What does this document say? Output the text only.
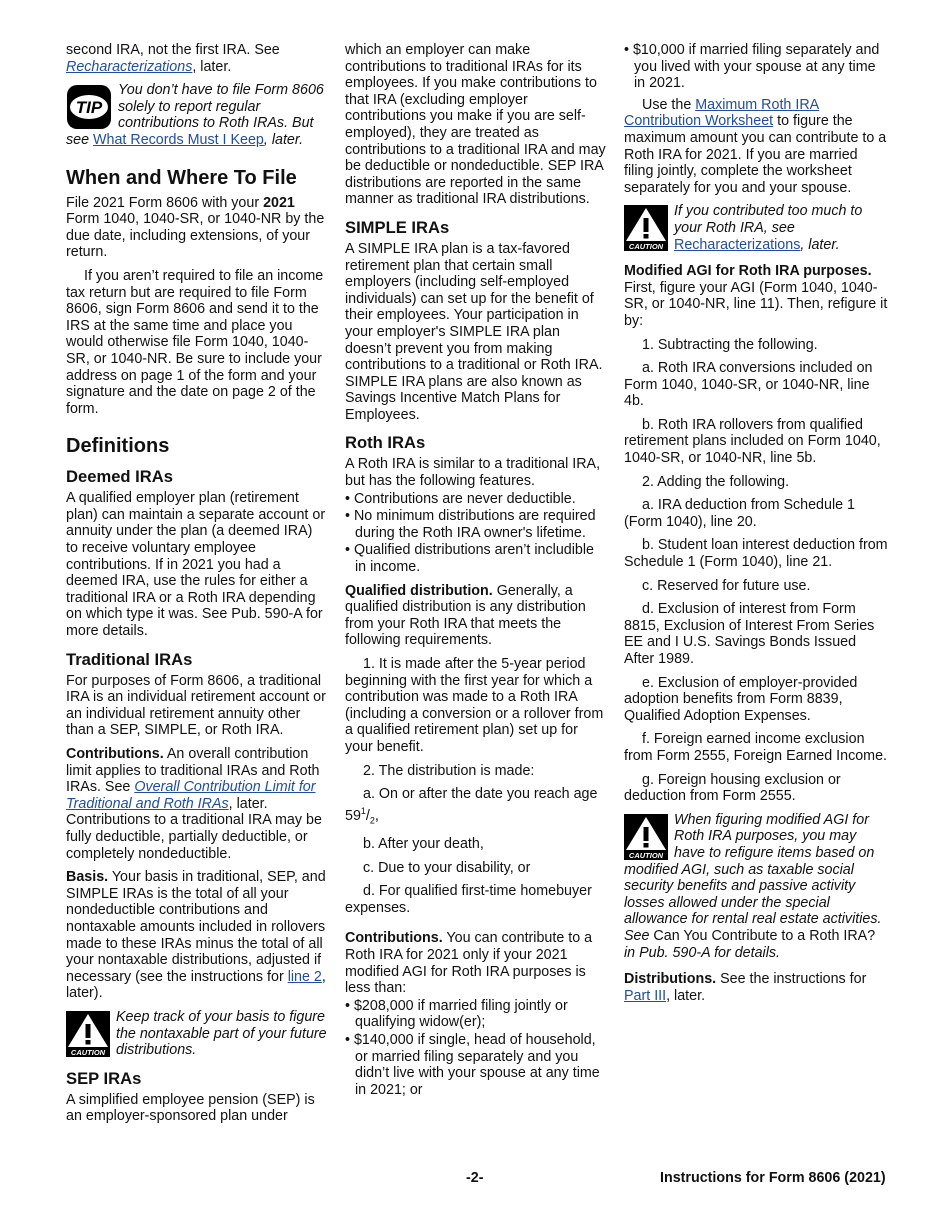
second IRA, not the first IRA. See Recharacterizations, later.

TIP
You don’t have to file Form 8606 solely to report regular contributions to Roth IRAs. But see What Records Must I Keep, later.
When and Where To File

File 2021 Form 8606 with your 2021 Form 1040, 1040-SR, or 1040-NR by the due date, including extensions, of your return.

If you aren’t required to file an income tax return but are required to file Form 8606, sign Form 8606 and send it to the IRS at the same time and place you would otherwise file Form 1040, 1040-SR, or 1040-NR. Be sure to include your address on page 1 of the form and your signature and the date on page 2 of the form.

Definitions
Deemed IRAs

A qualified employer plan (retirement plan) can maintain a separate account or annuity under the plan (a deemed IRA) to receive voluntary employee contributions. If in 2021 you had a deemed IRA, use the rules for either a traditional IRA or a Roth IRA depending on which type it was. See Pub. 590-A for more details.

Traditional IRAs

For purposes of Form 8606, a traditional IRA is an individual retirement account or an individual retirement annuity other than a SEP, SIMPLE, or Roth IRA.

Contributions. An overall contribution limit applies to traditional IRAs and Roth IRAs. See Overall Contribution Limit for Traditional and Roth IRAs, later. Contributions to a traditional IRA may be fully deductible, partially deductible, or completely nondeductible.

Basis. Your basis in traditional, SEP, and SIMPLE IRAs is the total of all your nondeductible contributions and nontaxable amounts included in rollovers made to these IRAs minus the total of all your nontaxable distributions, adjusted if necessary (see the instructions for line 2, later).

CAUTION
Keep track of your basis to figure the nontaxable part of your future distributions.
SEP IRAs

A simplified employee pension (SEP) is an employer-sponsored plan under

which an employer can make contributions to traditional IRAs for its employees. If you make contributions to that IRA (excluding employer contributions you make if you are self-employed), they are treated as contributions to a traditional IRA and may be deductible or nondeductible. SEP IRA distributions are reported in the same manner as traditional IRA distributions.

SIMPLE IRAs

A SIMPLE IRA plan is a tax-favored retirement plan that certain small employers (including self-employed individuals) can set up for the benefit of their employees. Your participation in your employer's SIMPLE IRA plan doesn’t prevent you from making contributions to a traditional or Roth IRA. SIMPLE IRA plans are also known as Savings Incentive Match Plans for Employees.

Roth IRAs

A Roth IRA is similar to a traditional IRA, but has the following features.

• Contributions are never deductible.

• No minimum distributions are required during the Roth IRA owner's lifetime.

• Qualified distributions aren’t includible in income.

Qualified distribution. Generally, a qualified distribution is any distribution from your Roth IRA that meets the following requirements.

1. It is made after the 5-year period beginning with the first year for which a contribution was made to a Roth IRA (including a conversion or a rollover from a qualified retirement plan) set up for your benefit.

2. The distribution is made:

a. On or after the date you reach age $59^1/_2$,

b. After your death,

c. Due to your disability, or

d. For qualified first-time homebuyer expenses.

Contributions. You can contribute to a Roth IRA for 2021 only if your 2021 modified AGI for Roth IRA purposes is less than:

• $208,000 if married filing jointly or qualifying widow(er);

• $140,000 if single, head of household, or married filing separately and you didn’t live with your spouse at any time in 2021; or

• $10,000 if married filing separately and you lived with your spouse at any time in 2021.

Use the Maximum Roth IRA Contribution Worksheet to figure the maximum amount you can contribute to a Roth IRA for 2021. If you are married filing jointly, complete the worksheet separately for you and your spouse.

CAUTION
If you contributed too much to your Roth IRA, see Recharacterizations, later.

Modified AGI for Roth IRA purposes. First, figure your AGI (Form 1040, 1040-SR, or 1040-NR, line 11). Then, refigure it by:

1. Subtracting the following.

a. Roth IRA conversions included on Form 1040, 1040-SR, or 1040-NR, line 4b.

b. Roth IRA rollovers from qualified retirement plans included on Form 1040, 1040-SR, or 1040-NR, line 5b.

2. Adding the following.

a. IRA deduction from Schedule 1 (Form 1040), line 20.

b. Student loan interest deduction from Schedule 1 (Form 1040), line 21.

c. Reserved for future use.

d. Exclusion of interest from Form 8815, Exclusion of Interest From Series EE and I U.S. Savings Bonds Issued After 1989.

e. Exclusion of employer-provided adoption benefits from Form 8839, Qualified Adoption Expenses.

f. Foreign earned income exclusion from Form 2555, Foreign Earned Income.

g. Foreign housing exclusion or deduction from Form 2555.

CAUTION
When figuring modified AGI for Roth IRA purposes, you may have to refigure items based on modified AGI, such as taxable social security benefits and passive activity losses allowed under the special allowance for rental real estate activities. See Can You Contribute to a Roth IRA? in Pub. 590-A for details.

Distributions. See the instructions for Part III, later.

-2-	Instructions for Form 8606 (2021)
